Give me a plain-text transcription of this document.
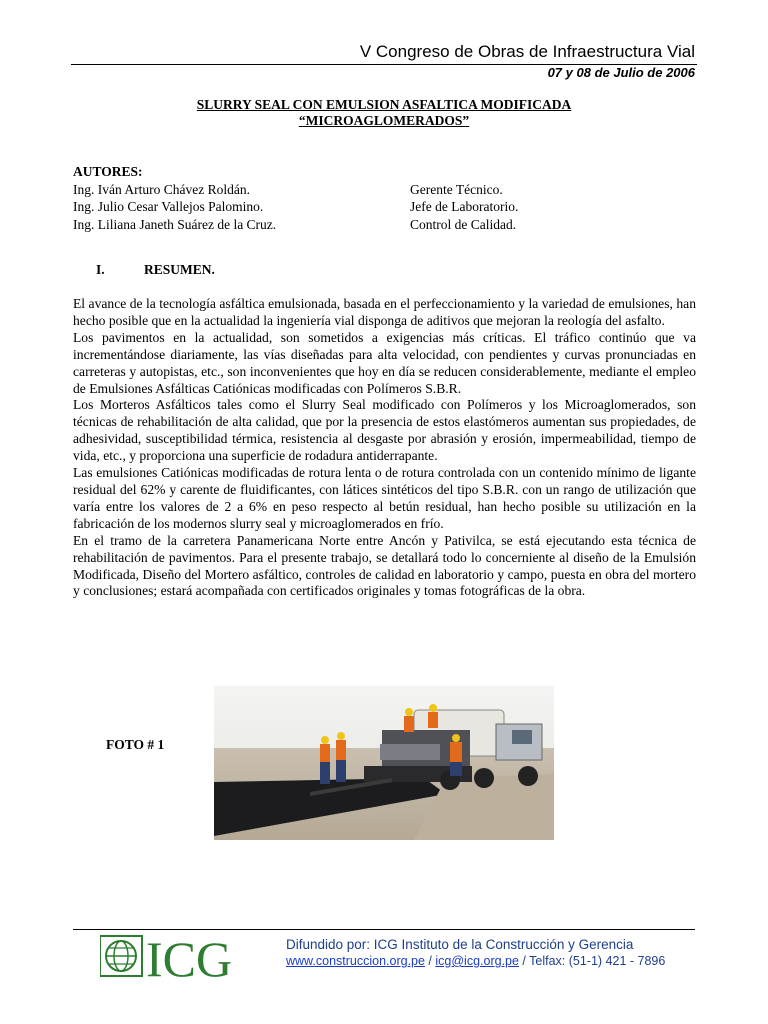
V Congreso de Obras de Infraestructura Vial
07 y 08 de Julio de 2006
SLURRY SEAL CON EMULSION ASFALTICA MODIFICADA
“MICROAGLOMERADOS”
AUTORES:
Ing. Iván Arturo Chávez Roldán.	Gerente Técnico.
Ing. Julio Cesar Vallejos Palomino.	Jefe de Laboratorio.
Ing. Liliana Janeth Suárez de la Cruz.	Control de Calidad.
I.	RESUMEN.

El avance de la tecnología asfáltica emulsionada, basada en el perfeccionamiento y la variedad de emulsiones, han hecho posible que en la actualidad la ingeniería vial disponga de aditivos que mejoran la reología del asfalto.

Los pavimentos en la actualidad, son sometidos a exigencias más críticas. El tráfico continúo que va incrementándose diariamente, las vías diseñadas para alta velocidad, con pendientes y curvas pronunciadas en carreteras y autopistas, etc., son inconvenientes que hoy en día se reducen considerablemente, mediante el empleo de Emulsiones Asfálticas Catiónicas modificadas con Polímeros S.B.R.

Los Morteros Asfálticos tales como el Slurry Seal modificado con Polímeros y los Microaglomerados, son técnicas de rehabilitación de alta calidad, que por la presencia de estos elastómeros aumentan sus propiedades, de adhesividad, susceptibilidad térmica, resistencia al desgaste por abrasión y erosión, impermeabilidad, tiempo de vida, etc., y proporciona una superficie de rodadura antiderrapante.

Las emulsiones Catiónicas modificadas de rotura lenta o de rotura controlada con un contenido mínimo de ligante residual del 62% y carente de fluidificantes, con látices sintéticos del tipo S.B.R. con un rango de utilización que varía entre los valores de 2 a 6% en peso respecto al betún residual, han hecho posible su utilización en la fabricación de los modernos slurry seal y microaglomerados en frío.

En el tramo de la carretera Panamericana Norte entre Ancón y Pativilca, se está ejecutando esta técnica de rehabilitación de pavimentos. Para el presente trabajo, se detallará todo lo concerniente al diseño de la Emulsión Modificada, Diseño del Mortero asfáltico, controles de calidad en laboratorio y campo, puesta en obra del mortero y conclusiones; estará acompañada con certificados originales y tomas fotográficas de la obra.

FOTO # 1
ICG	Difundido por: ICG Instituto de la Construcción y Gerencia
www.construccion.org.pe / icg@icg.org.pe / Telfax: (51-1) 421 - 7896
